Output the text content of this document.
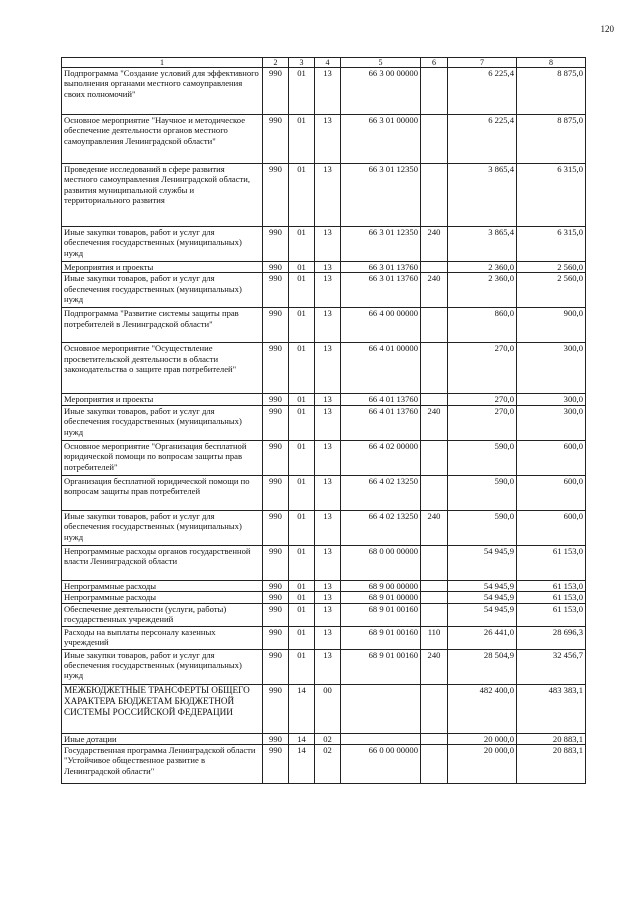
120
1	2	3	4	5	6	7	8
Подпрограмма "Создание условий для эффективного выполнения органами местного самоуправления своих полномочий"	990	01	13	66 3 00 00000		6 225,4	8 875,0
Основное мероприятие "Научное и методическое обеспечение деятельности органов местного самоуправления Ленинградской области"	990	01	13	66 3 01 00000		6 225,4	8 875,0
Проведение исследований в сфере развития местного самоуправления Ленинградской области, развития муниципальной службы и территориального развития	990	01	13	66 3 01 12350		3 865,4	6 315,0
Иные закупки товаров, работ и услуг для обеспечения государственных (муниципальных) нужд	990	01	13	66 3 01 12350	240	3 865,4	6 315,0
Мероприятия и проекты	990	01	13	66 3 01 13760		2 360,0	2 560,0
Иные закупки товаров, работ и услуг для обеспечения государственных (муниципальных) нужд	990	01	13	66 3 01 13760	240	2 360,0	2 560,0
Подпрограмма "Развитие системы защиты прав потребителей в Ленинградской области"	990	01	13	66 4 00 00000		860,0	900,0
Основное мероприятие "Осуществление просветительской деятельности в области законодательства о защите прав потребителей"	990	01	13	66 4 01 00000		270,0	300,0
Мероприятия и проекты	990	01	13	66 4 01 13760		270,0	300,0
Иные закупки товаров, работ и услуг для обеспечения государственных (муниципальных) нужд	990	01	13	66 4 01 13760	240	270,0	300,0
Основное мероприятие "Организация бесплатной юридической помощи по вопросам защиты прав потребителей"	990	01	13	66 4 02 00000		590,0	600,0
Организация бесплатной юридической помощи по вопросам защиты прав потребителей	990	01	13	66 4 02 13250		590,0	600,0
Иные закупки товаров, работ и услуг для обеспечения государственных (муниципальных) нужд	990	01	13	66 4 02 13250	240	590,0	600,0
Непрограммные расходы органов государственной власти Ленинградской области	990	01	13	68 0 00 00000		54 945,9	61 153,0
Непрограммные расходы	990	01	13	68 9 00 00000		54 945,9	61 153,0
Непрограммные расходы	990	01	13	68 9 01 00000		54 945,9	61 153,0
Обеспечение деятельности (услуги, работы) государственных учреждений	990	01	13	68 9 01 00160		54 945,9	61 153,0
Расходы на выплаты персоналу казенных учреждений	990	01	13	68 9 01 00160	110	26 441,0	28 696,3
Иные закупки товаров, работ и услуг для обеспечения государственных (муниципальных) нужд	990	01	13	68 9 01 00160	240	28 504,9	32 456,7
МЕЖБЮДЖЕТНЫЕ ТРАНСФЕРТЫ ОБЩЕГО ХАРАКТЕРА БЮДЖЕТАМ БЮДЖЕТНОЙ СИСТЕМЫ РОССИЙСКОЙ ФЕДЕРАЦИИ	990	14	00			482 400,0	483 383,1
Иные дотации	990	14	02			20 000,0	20 883,1
Государственная программа Ленинградской области "Устойчивое общественное развитие в Ленинградской области"	990	14	02	66 0 00 00000		20 000,0	20 883,1
